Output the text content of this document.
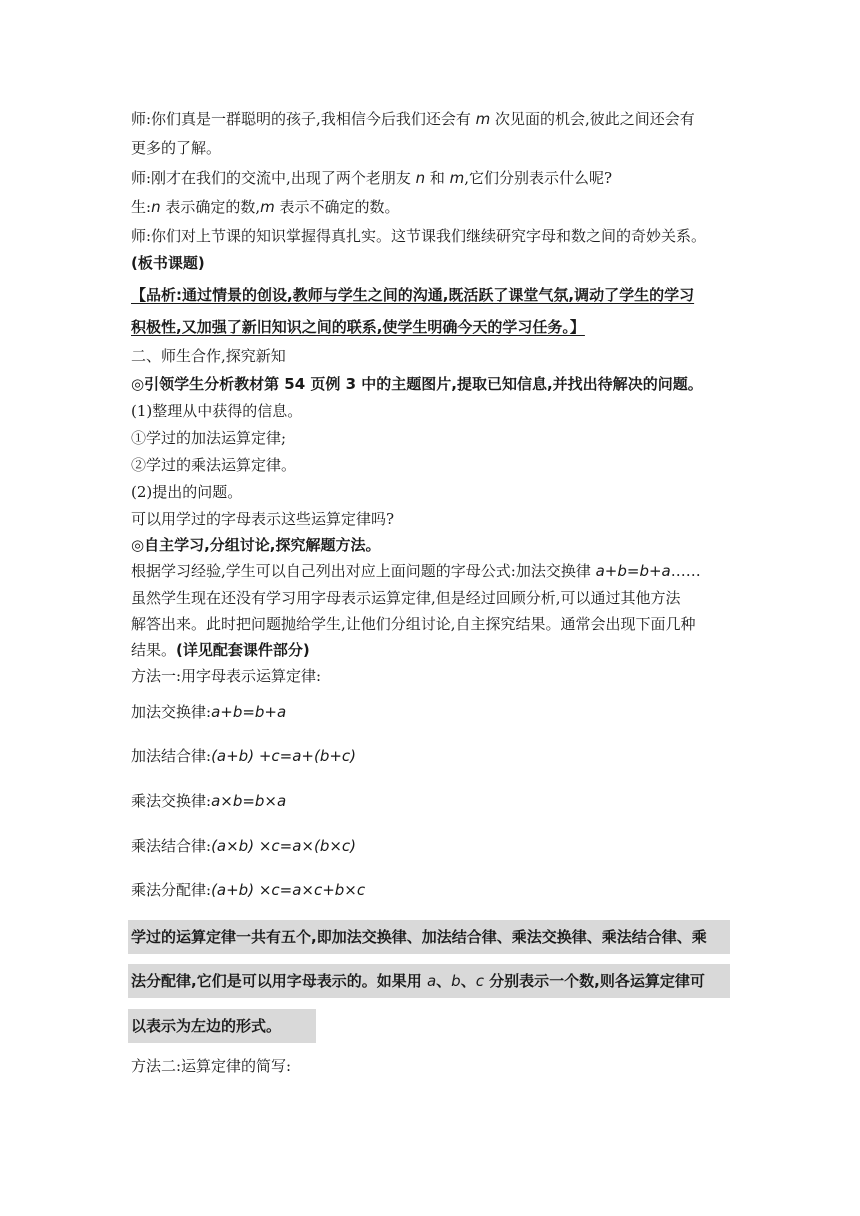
师:你们真是一群聪明的孩子,我相信今后我们还会有 m 次见面的机会,彼此之间还会有
更多的了解。
师:刚才在我们的交流中,出现了两个老朋友 n 和 m,它们分别表示什么呢?
生:n 表示确定的数,m 表示不确定的数。
师:你们对上节课的知识掌握得真扎实。这节课我们继续研究字母和数之间的奇妙关系。
(板书课题)
【品析:通过情景的创设,教师与学生之间的沟通,既活跃了课堂气氛,调动了学生的学习
积极性,又加强了新旧知识之间的联系,使学生明确今天的学习任务。】
二、师生合作,探究新知
◎引领学生分析教材第 54 页例 3 中的主题图片,提取已知信息,并找出待解决的问题。
(1)整理从中获得的信息。
①学过的加法运算定律;
②学过的乘法运算定律。
(2)提出的问题。
可以用学过的字母表示这些运算定律吗?
◎自主学习,分组讨论,探究解题方法。
根据学习经验,学生可以自己列出对应上面问题的字母公式:加法交换律 a+b=b+a……
虽然学生现在还没有学习用字母表示运算定律,但是经过回顾分析,可以通过其他方法
解答出来。此时把问题抛给学生,让他们分组讨论,自主探究结果。通常会出现下面几种
结果。(详见配套课件部分)
方法一:用字母表示运算定律:
加法交换律:a+b=b+a
加法结合律:(a+b) +c=a+(b+c)
乘法交换律:a×b=b×a
乘法结合律:(a×b) ×c=a×(b×c)
乘法分配律:(a+b) ×c=a×c+b×c
学过的运算定律一共有五个,即加法交换律、加法结合律、乘法交换律、乘法结合律、乘
法分配律,它们是可以用字母表示的。如果用 a、b、c 分别表示一个数,则各运算定律可
以表示为左边的形式。
方法二:运算定律的简写:
